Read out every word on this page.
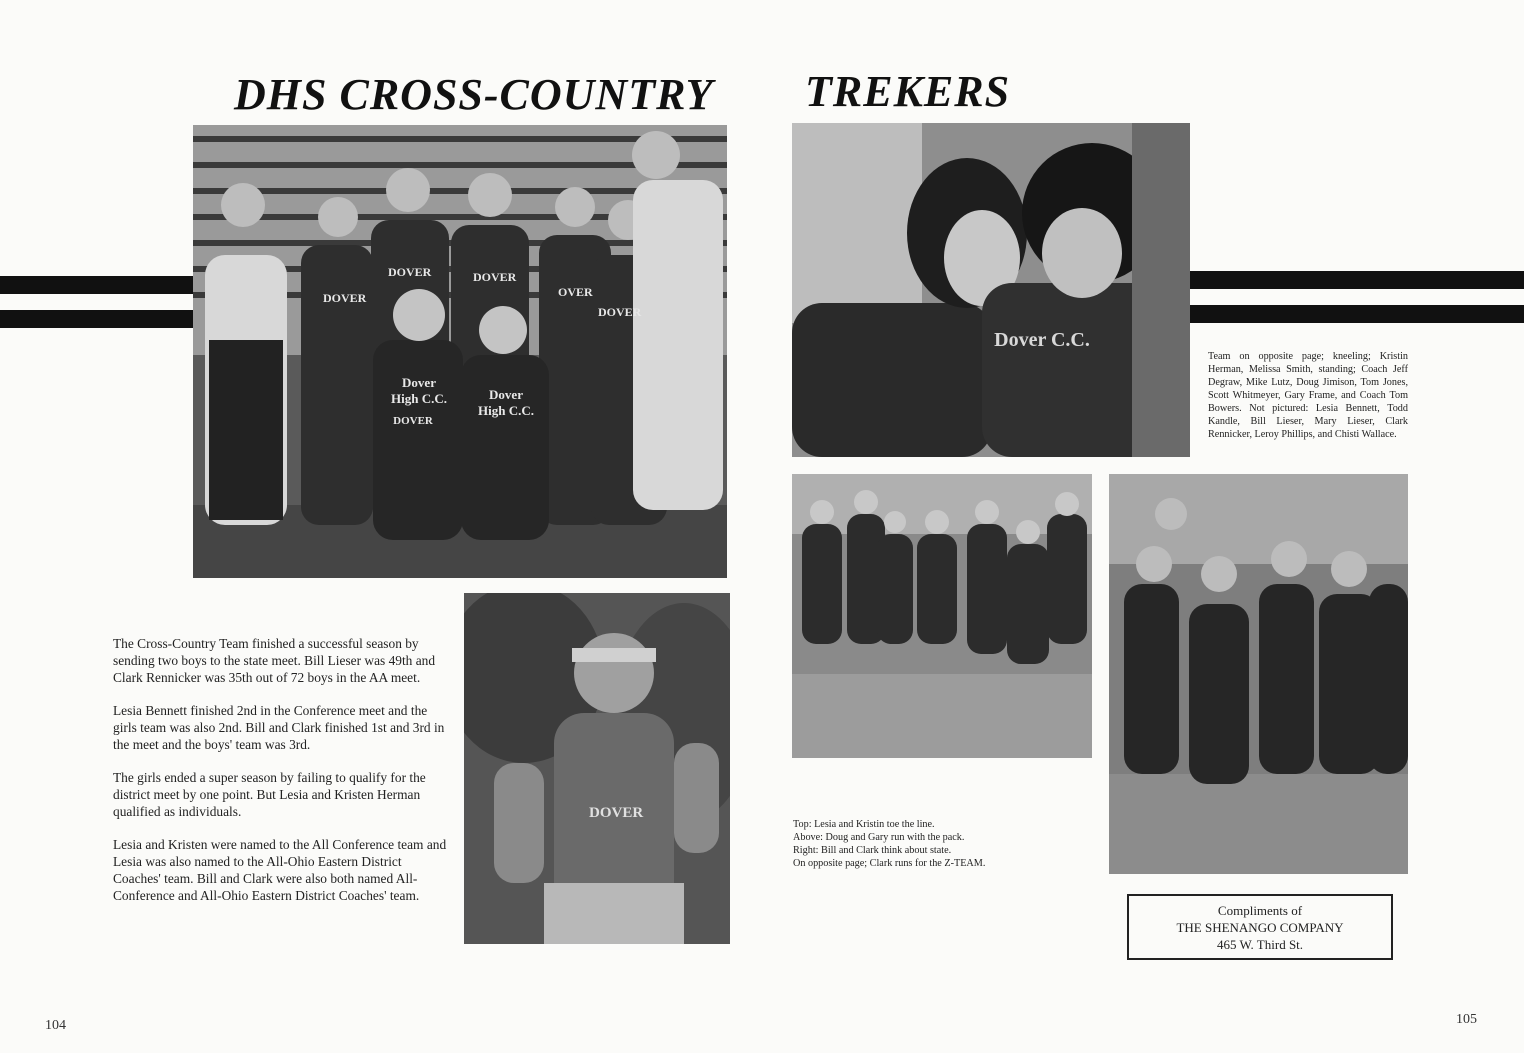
DHS CROSS-COUNTRY TREKERS
DOVER
DOVER	DOVER
OVER
DOVER
DOVER
Dover High C.C.	Dover High C.C.
DOVER

The Cross-Country Team finished a successful season by sending two boys to the state meet. Bill Lieser was 49th and Clark Rennicker was 35th out of 72 boys in the AA meet.

Lesia Bennett finished 2nd in the Conference meet and the girls team was also 2nd. Bill and Clark finished 1st and 3rd in the meet and the boys' team was 3rd.

The girls ended a super season by failing to qualify for the district meet by one point. But Lesia and Kristen Herman qualified as individuals.

Lesia and Kristen were named to the All Conference team and Lesia was also named to the All-Ohio Eastern District Coaches' team. Bill and Clark were also both named All-Conference and All-Ohio Eastern District Coaches' team.

Dover C.C.
Team on opposite page; kneeling; Kristin Herman, Melissa Smith, standing; Coach Jeff Degraw, Mike Lutz, Doug Jimison, Tom Jones, Scott Whitmeyer, Gary Frame, and Coach Tom Bowers. Not pictured: Lesia Bennett, Todd Kandle, Bill Lieser, Mary Lieser, Clark Rennicker, Leroy Phillips, and Chisti Wallace.
Top: Lesia and Kristin toe the line.
Above: Doug and Gary run with the pack.
Right: Bill and Clark think about state.
On opposite page; Clark runs for the Z-TEAM.
Compliments of
THE SHENANGO COMPANY
465 W. Third St.
104	105
